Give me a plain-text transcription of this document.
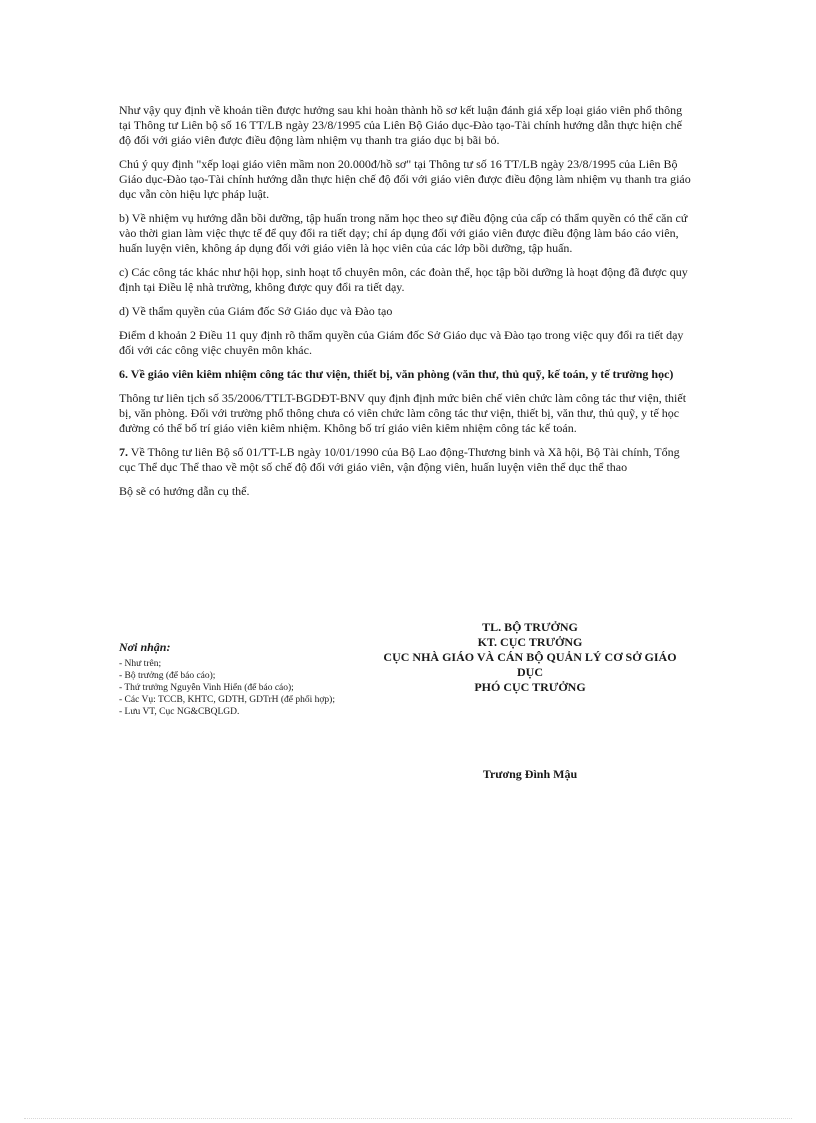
Như vậy quy định về khoản tiền được hưởng sau khi hoàn thành hồ sơ kết luận đánh giá xếp loại giáo viên phổ thông tại Thông tư Liên bộ số 16 TT/LB ngày 23/8/1995 của Liên Bộ Giáo dục-Đào tạo-Tài chính hướng dẫn thực hiện chế độ đối với giáo viên được điều động làm nhiệm vụ thanh tra giáo dục bị bãi bỏ.

Chú ý quy định "xếp loại giáo viên mầm non 20.000đ/hồ sơ" tại Thông tư số 16 TT/LB ngày 23/8/1995 của Liên Bộ Giáo dục-Đào tạo-Tài chính hướng dẫn thực hiện chế độ đối với giáo viên được điều động làm nhiệm vụ thanh tra giáo dục vẫn còn hiệu lực pháp luật.

b) Về nhiệm vụ hướng dẫn bồi dưỡng, tập huấn trong năm học theo sự điều động của cấp có thẩm quyền có thể căn cứ vào thời gian làm việc thực tế để quy đổi ra tiết dạy; chỉ áp dụng đối với giáo viên được điều động làm báo cáo viên, huấn luyện viên, không áp dụng đối với giáo viên là học viên của các lớp bồi dưỡng, tập huấn.

c) Các công tác khác như hội họp, sinh hoạt tổ chuyên môn, các đoàn thể, học tập bồi dưỡng là hoạt động đã được quy định tại Điều lệ nhà trường, không được quy đổi ra tiết dạy.

d) Về thẩm quyền của Giám đốc Sở Giáo dục và Đào tạo

Điểm d khoản 2 Điều 11 quy định rõ thẩm quyền của Giám đốc Sở Giáo dục và Đào tạo trong việc quy đổi ra tiết dạy đối với các công việc chuyên môn khác.

6. Về giáo viên kiêm nhiệm công tác thư viện, thiết bị, văn phòng (văn thư, thủ quỹ, kế toán, y tế trường học)

Thông tư liên tịch số 35/2006/TTLT-BGDĐT-BNV quy định định mức biên chế viên chức làm công tác thư viện, thiết bị, văn phòng. Đối với trường phổ thông chưa có viên chức làm công tác thư viện, thiết bị, văn thư, thủ quỹ, y tế học đường có thể bố trí giáo viên kiêm nhiệm. Không bố trí giáo viên kiêm nhiệm công tác kế toán.

7. Về Thông tư liên Bộ số 01/TT-LB ngày 10/01/1990 của Bộ Lao động-Thương binh và Xã hội, Bộ Tài chính, Tổng cục Thể dục Thể thao về một số chế độ đối với giáo viên, vận động viên, huấn luyện viên thể dục thể thao

Bộ sẽ có hướng dẫn cụ thể.

Nơi nhận:

- Như trên;
- Bộ trưởng (để báo cáo);
- Thứ trưởng Nguyễn Vinh Hiển (để báo cáo);
- Các Vụ: TCCB, KHTC, GDTH, GDTrH (để phối hợp);
- Lưu VT, Cục NG&CBQLGD.

TL. BỘ TRƯỞNG

KT. CỤC TRƯỞNG

CỤC NHÀ GIÁO VÀ CÁN BỘ QUẢN LÝ CƠ SỞ GIÁO DỤC

PHÓ CỤC TRƯỞNG

Trương Đình Mậu
